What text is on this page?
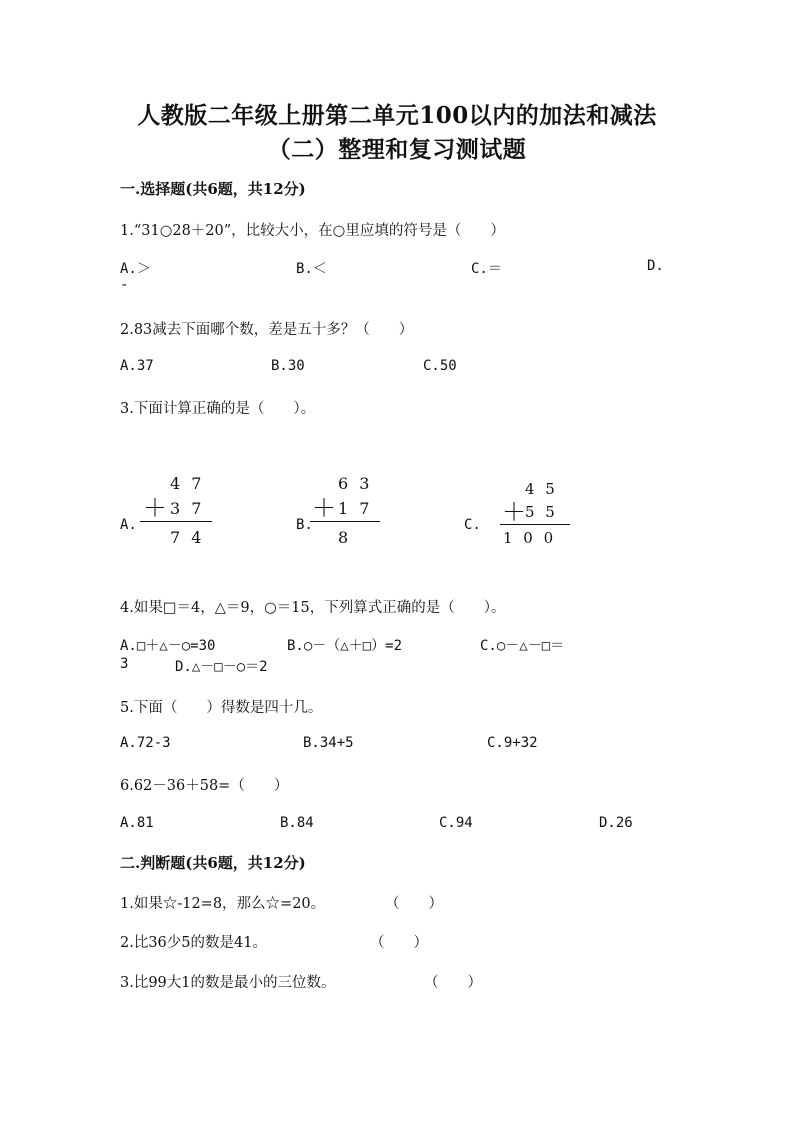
人教版二年级上册第二单元100以内的加法和减法
（二）整理和复习测试题
一.选择题(共6题，共12分)
1.“31○28＋20”，比较大小，在○里应填的符号是（　　）
A.＞	B.＜	C.＝	D.
-
2.83减去下面哪个数，差是五十多？（　　）
A.37	B.30	C.50
3.下面计算正确的是（　　）。
A.
4 7
＋ 3 7
7 4
B.
6 3
＋ 1 7
8
C.
4 5
＋ 5 5
1 0 0
4.如果□＝4，△＝9，○＝15，下列算式正确的是（　　）。
A.□＋△－○=30	B.○－（△＋□）=2	C.○－△－□＝
3	D.△－□－○＝2
5.下面（　　）得数是四十几。
A.72-3	B.34+5	C.9+32
6.62－36＋58=（　　）
A.81	B.84	C.94	D.26
二.判断题(共6题，共12分)
1.如果☆-12=8，那么☆=20。	（　　）
2.比36少5的数是41。	（　　）
3.比99大1的数是最小的三位数。	（　　）
